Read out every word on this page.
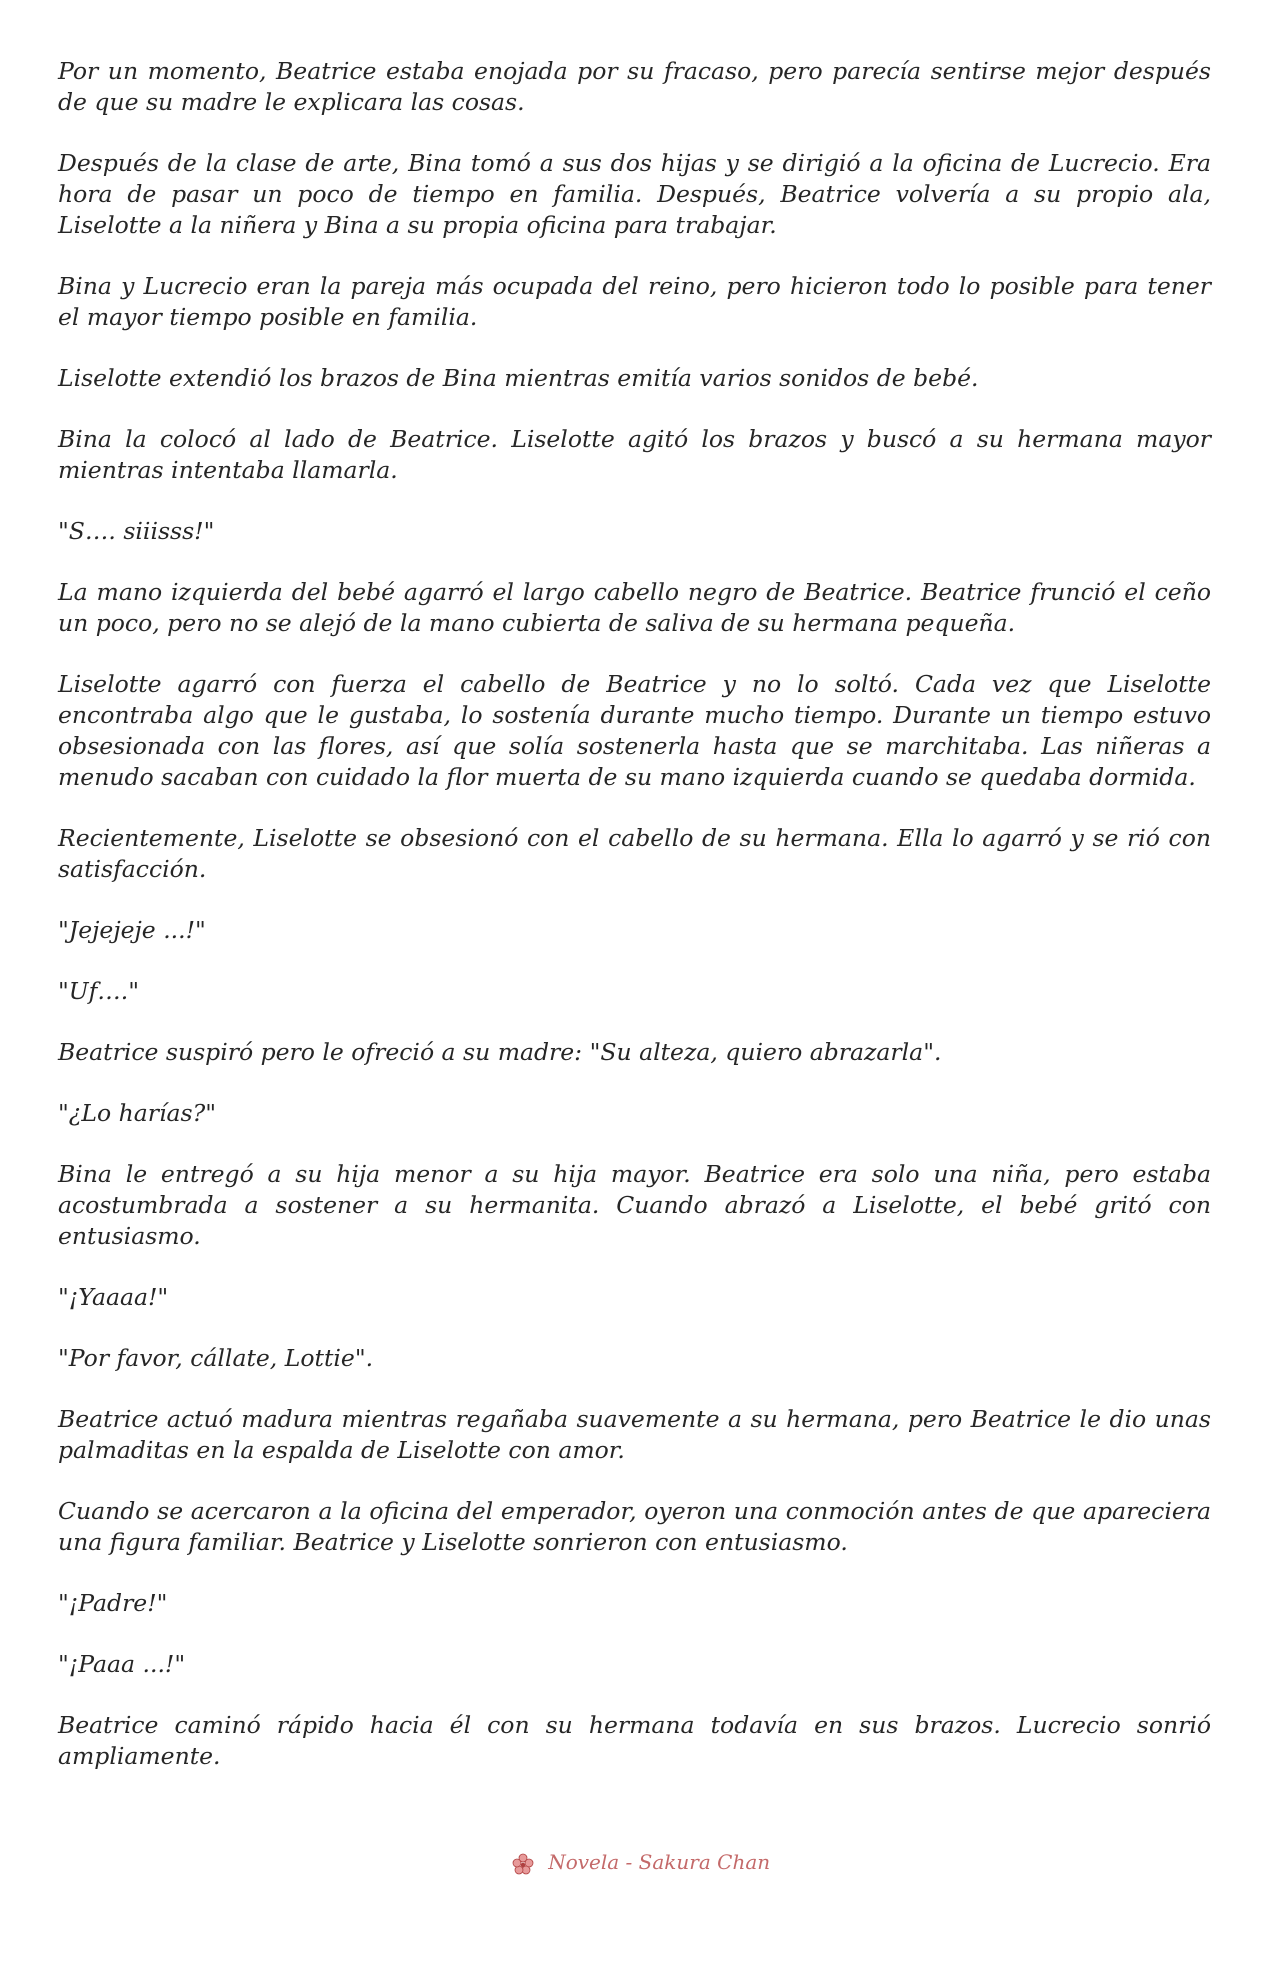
Por un momento, Beatrice estaba enojada por su fracaso, pero parecía sentirse mejor después de que su madre le explicara las cosas.

Después de la clase de arte, Bina tomó a sus dos hijas y se dirigió a la oficina de Lucrecio. Era hora de pasar un poco de tiempo en familia. Después, Beatrice volvería a su propio ala, Liselotte a la niñera y Bina a su propia oficina para trabajar.

Bina y Lucrecio eran la pareja más ocupada del reino, pero hicieron todo lo posible para tener el mayor tiempo posible en familia.

Liselotte extendió los brazos de Bina mientras emitía varios sonidos de bebé.

Bina la colocó al lado de Beatrice. Liselotte agitó los brazos y buscó a su hermana mayor mientras intentaba llamarla.

"S…. siiisss!"

La mano izquierda del bebé agarró el largo cabello negro de Beatrice. Beatrice frunció el ceño un poco, pero no se alejó de la mano cubierta de saliva de su hermana pequeña.

Liselotte agarró con fuerza el cabello de Beatrice y no lo soltó. Cada vez que Liselotte encontraba algo que le gustaba, lo sostenía durante mucho tiempo. Durante un tiempo estuvo obsesionada con las flores, así que solía sostenerla hasta que se marchitaba. Las niñeras a menudo sacaban con cuidado la flor muerta de su mano izquierda cuando se quedaba dormida.

Recientemente, Liselotte se obsesionó con el cabello de su hermana. Ella lo agarró y se rió con satisfacción.

"Jejejeje ...!"

"Uf…."

Beatrice suspiró pero le ofreció a su madre: "Su alteza, quiero abrazarla".

"¿Lo harías?"

Bina le entregó a su hija menor a su hija mayor. Beatrice era solo una niña, pero estaba acostumbrada a sostener a su hermanita. Cuando abrazó a Liselotte, el bebé gritó con entusiasmo.

"¡Yaaaa!"

"Por favor, cállate, Lottie".

Beatrice actuó madura mientras regañaba suavemente a su hermana, pero Beatrice le dio unas palmaditas en la espalda de Liselotte con amor.

Cuando se acercaron a la oficina del emperador, oyeron una conmoción antes de que apareciera una figura familiar. Beatrice y Liselotte sonrieron con entusiasmo.

"¡Padre!"

"¡Paaa ...!"

Beatrice caminó rápido hacia él con su hermana todavía en sus brazos. Lucrecio sonrió ampliamente.

Novela - Sakura Chan
